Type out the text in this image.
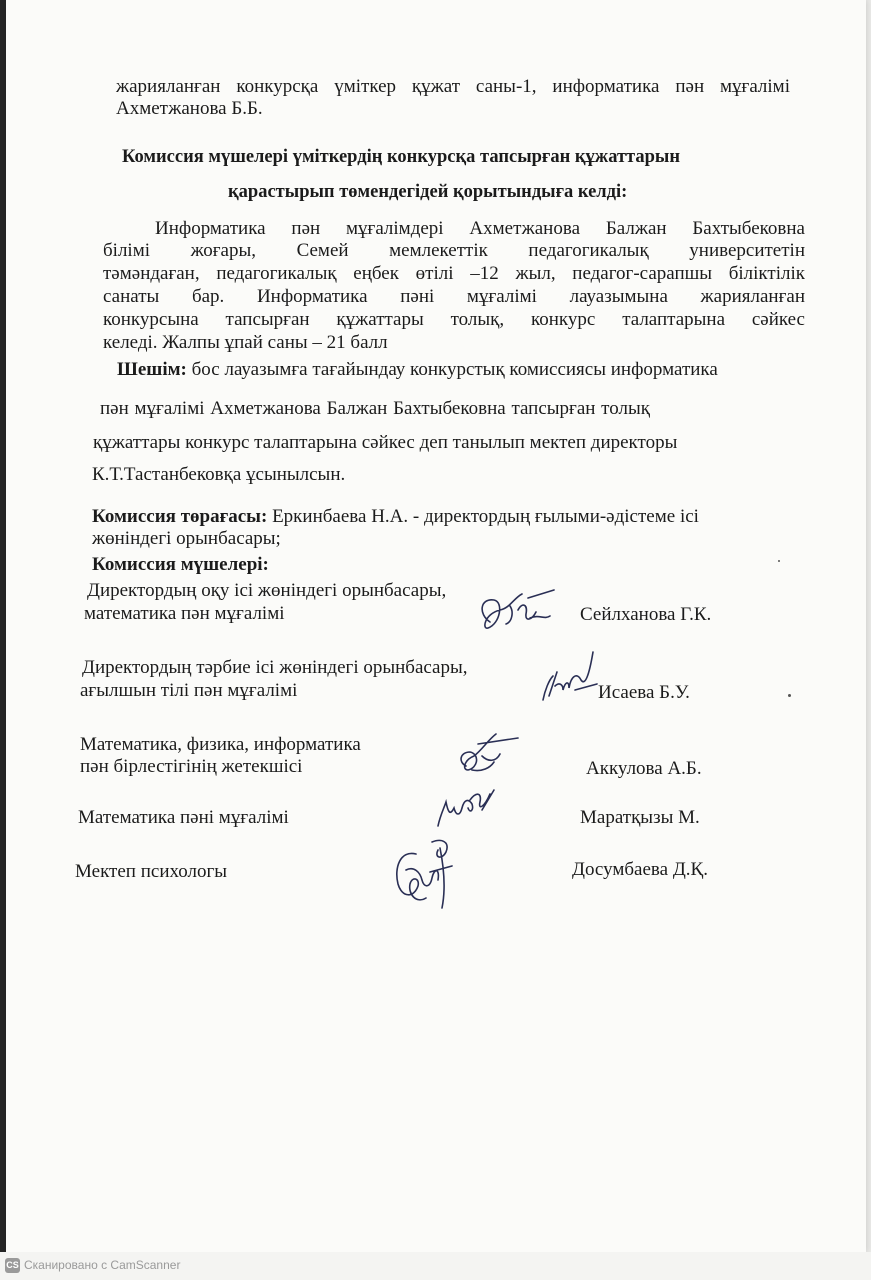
жарияланған конкурсқа үміткер құжат саны-1, информатика пән мұғалімі
Ахметжанова Б.Б.
Комиссия мүшелері үміткердің конкурсқа тапсырған құжаттарын
қарастырып төмендегідей қорытындыға келді:
Информатика пән мұғалімдері Ахметжанова Балжан Бахтыбековна
білімі жоғары, Семей мемлекеттік педагогикалық университетін
тәмәндаған, педагогикалық еңбек өтілі –12 жыл, педагог-сарапшы біліктілік
санаты бар. Информатика пәні мұғалімі лауазымына жарияланған
конкурсына тапсырған құжаттары толық, конкурс талаптарына сәйкес
келеді. Жалпы ұпай саны – 21 балл
Шешім: бос лауазымға тағайындау конкурстық комиссиясы информатика
пән мұғалімі Ахметжанова Балжан Бахтыбековна тапсырған толық
құжаттары конкурс талаптарына сәйкес деп танылып мектеп директоры
К.Т.Тастанбековқа ұсынылсын.
Комиссия төрағасы: Еркинбаева Н.А. - директордың ғылыми-әдістеме ісі
жөніндегі орынбасары;
Комиссия мүшелері:
Директордың оқу ісі жөніндегі орынбасары,
математика пән мұғалімі	Сейлханова Г.К.
Директордың тәрбие ісі жөніндегі орынбасары,
ағылшын тілі пән мұғалімі	Исаева Б.У.
Математика, физика, информатика
пән бірлестігінің жетекшісі	Аккулова А.Б.
Математика пәні мұғалімі	Маратқызы М.
Мектеп психологы	Досумбаева Д.Қ.
CS Сканировано с CamScanner
